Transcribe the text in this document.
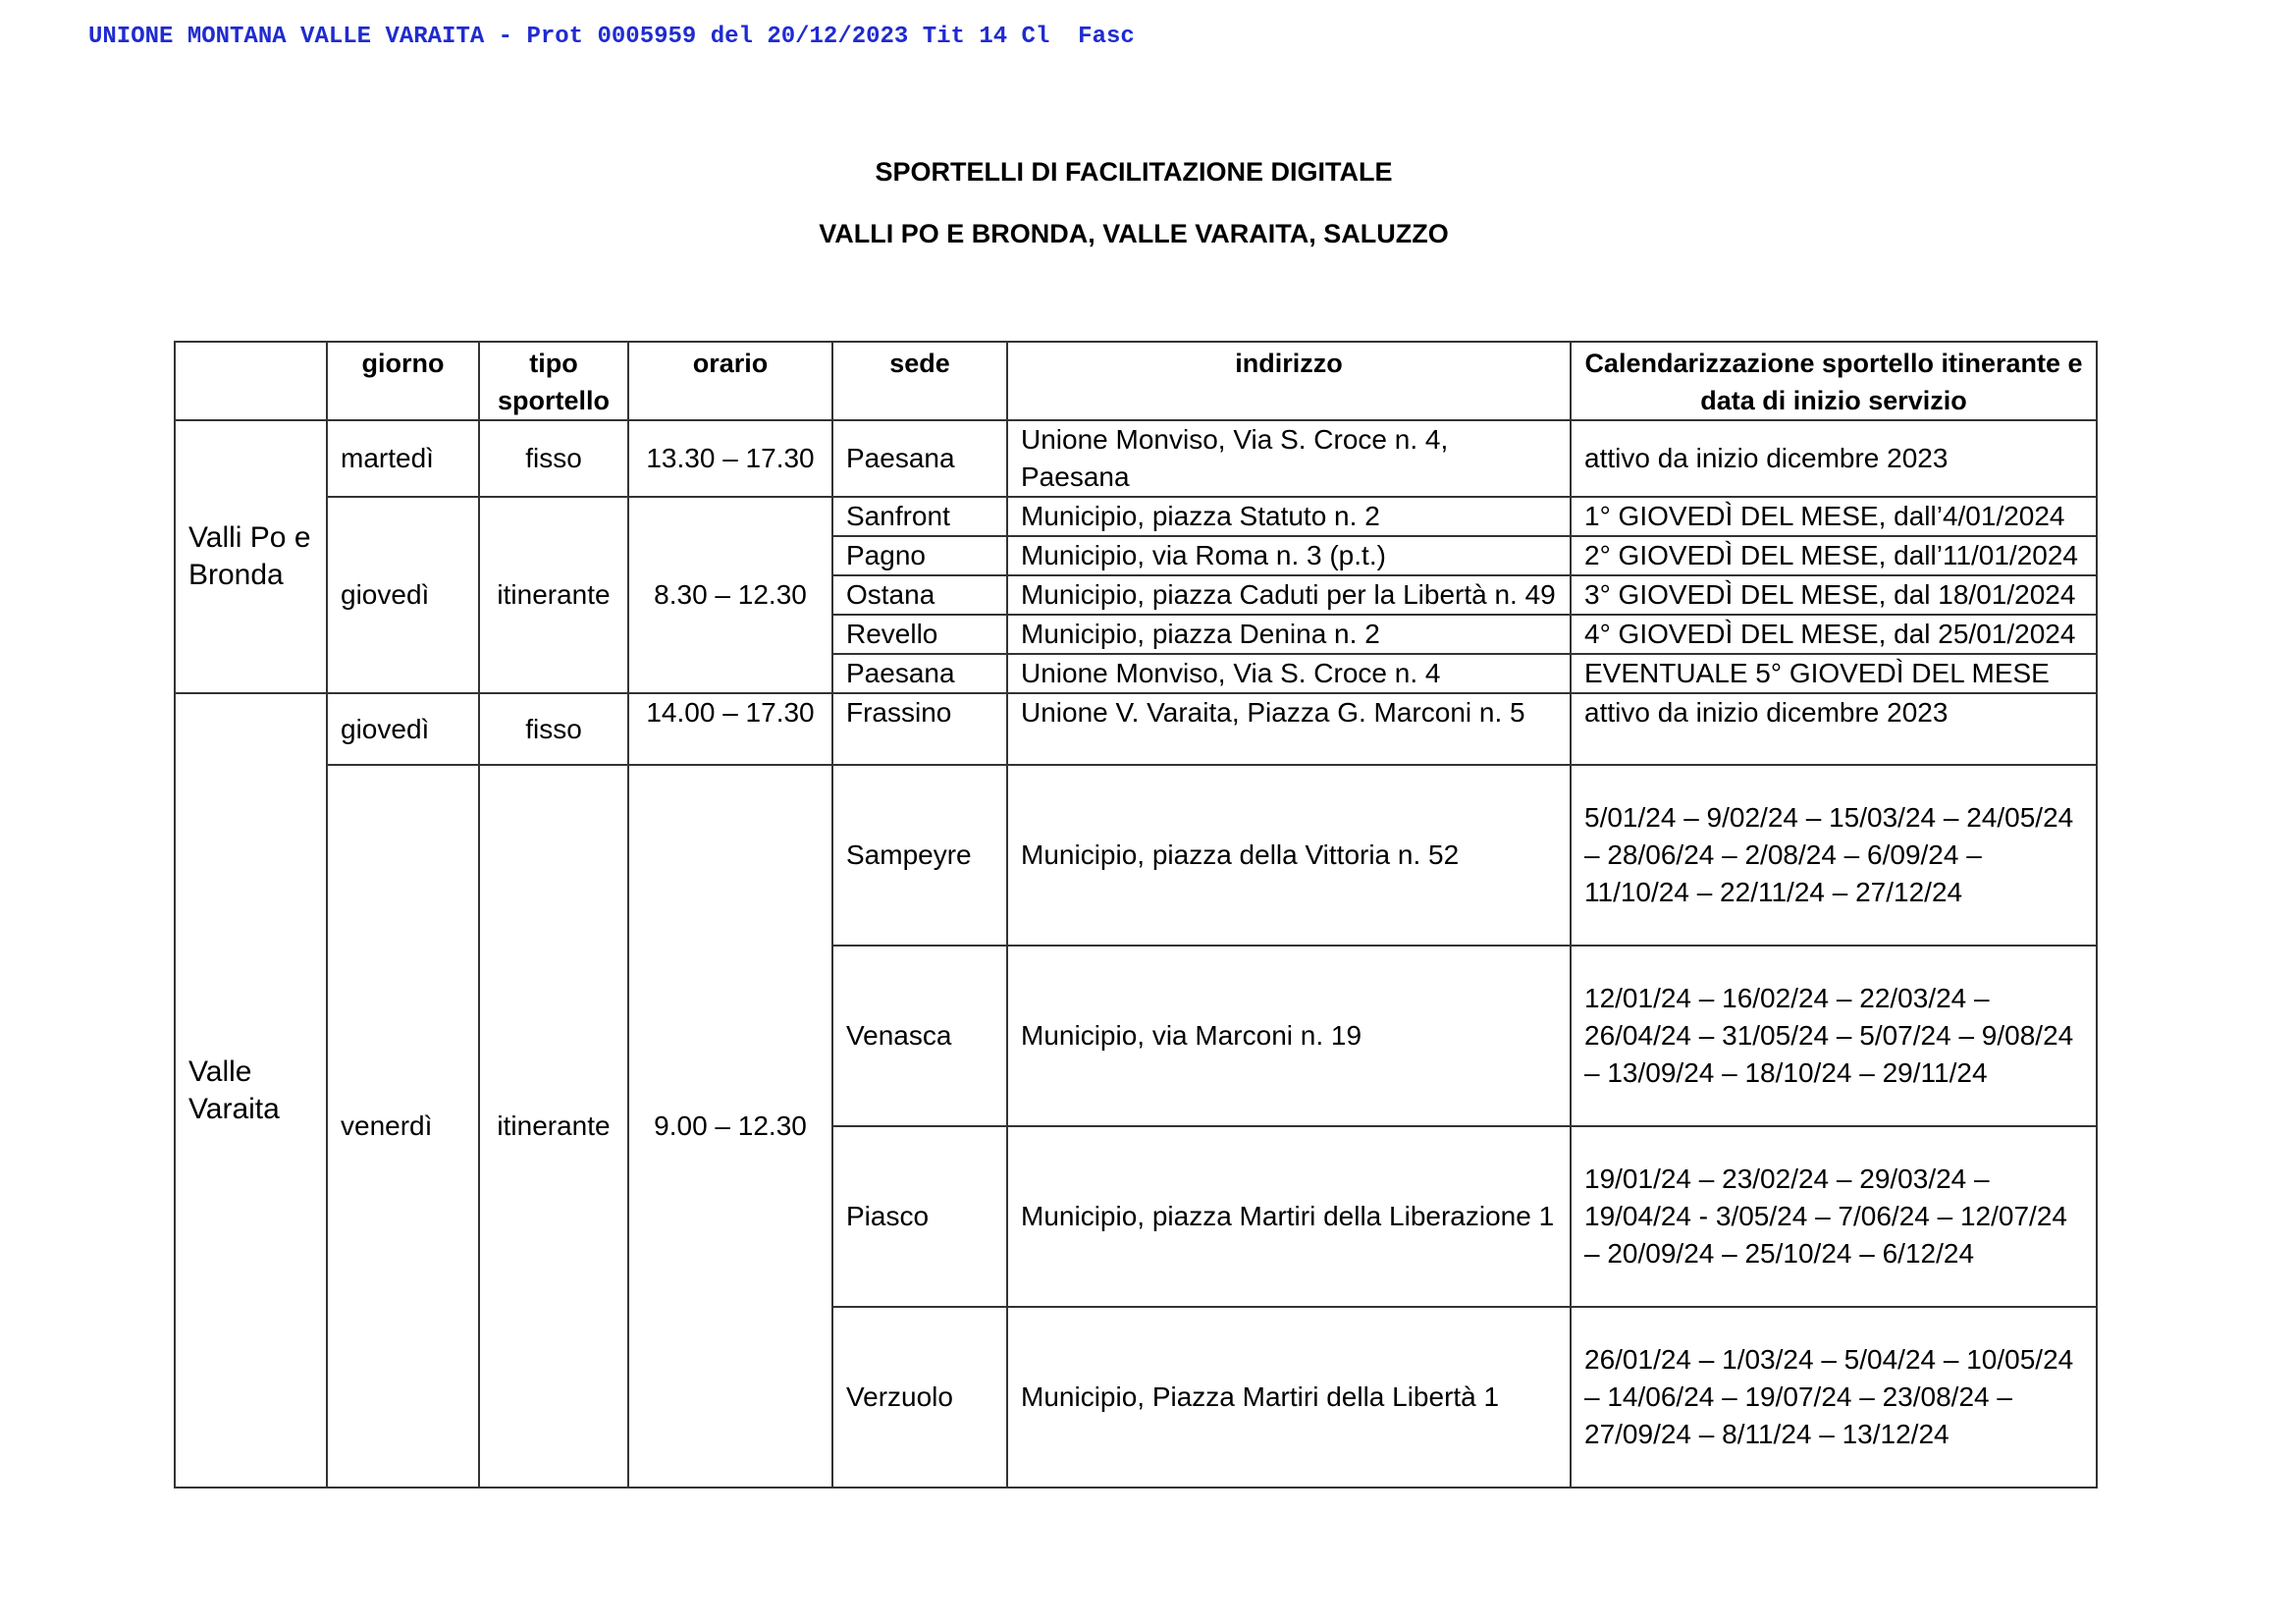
UNIONE MONTANA VALLE VARAITA - Prot 0005959 del 20/12/2023 Tit 14 Cl  Fasc
SPORTELLI DI FACILITAZIONE DIGITALE
VALLI PO E BRONDA, VALLE VARAITA, SALUZZO
	giorno	tipo sportello	orario	sede	indirizzo	Calendarizzazione sportello itinerante e data di inizio servizio
Valli Po e Bronda	martedì	fisso	13.30 – 17.30	Paesana	Unione Monviso, Via S. Croce n. 4, Paesana	attivo da inizio dicembre 2023
	giovedì	itinerante	8.30 – 12.30	Sanfront	Municipio, piazza Statuto n. 2	1° GIOVEDÌ DEL MESE, dall’4/01/2024
				Pagno	Municipio, via Roma n. 3 (p.t.)	2° GIOVEDÌ DEL MESE, dall’11/01/2024
				Ostana	Municipio, piazza Caduti per la Libertà n. 49	3° GIOVEDÌ DEL MESE, dal 18/01/2024
				Revello	Municipio, piazza Denina n. 2	4° GIOVEDÌ DEL MESE, dal 25/01/2024
				Paesana	Unione Monviso, Via S. Croce n. 4	EVENTUALE 5° GIOVEDÌ DEL MESE
Valle Varaita	giovedì	fisso	14.00 – 17.30	Frassino	Unione V. Varaita, Piazza G. Marconi n. 5	attivo da inizio dicembre 2023
	venerdì	itinerante	9.00 – 12.30	Sampeyre	Municipio, piazza della Vittoria n. 52	5/01/24 – 9/02/24 – 15/03/24 – 24/05/24 – 28/06/24 – 2/08/24 – 6/09/24 – 11/10/24 – 22/11/24 – 27/12/24
				Venasca	Municipio, via Marconi n. 19	12/01/24 – 16/02/24 – 22/03/24 – 26/04/24 – 31/05/24 – 5/07/24 – 9/08/24 – 13/09/24 – 18/10/24 – 29/11/24
				Piasco	Municipio, piazza Martiri della Liberazione 1	19/01/24 – 23/02/24 – 29/03/24 – 19/04/24 - 3/05/24 – 7/06/24 – 12/07/24 – 20/09/24 – 25/10/24 – 6/12/24
				Verzuolo	Municipio, Piazza Martiri della Libertà 1	26/01/24 – 1/03/24 – 5/04/24 – 10/05/24 – 14/06/24 – 19/07/24 – 23/08/24 – 27/09/24 – 8/11/24 – 13/12/24
